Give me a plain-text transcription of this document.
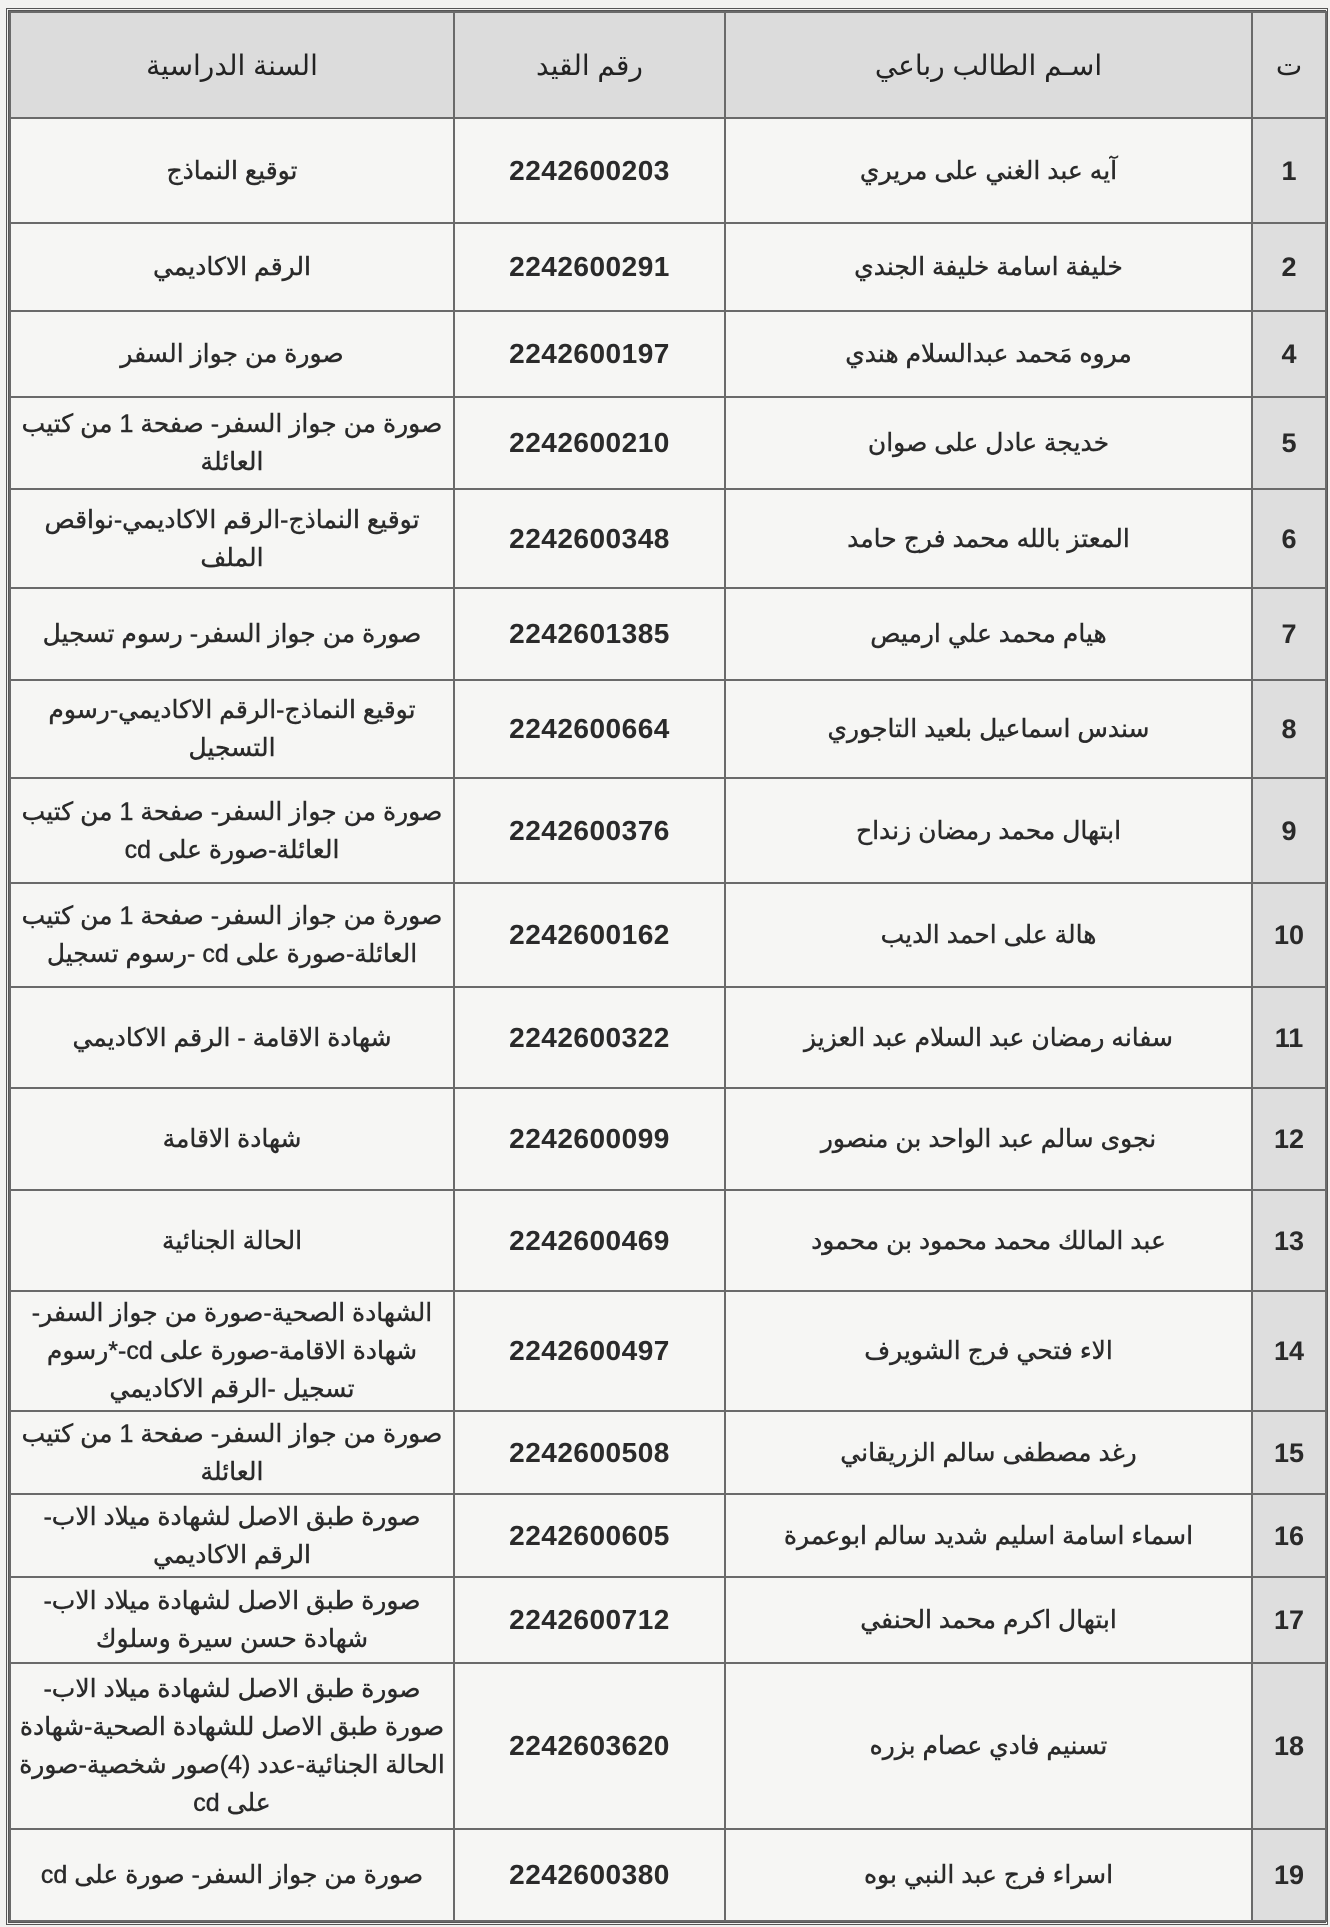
ت	اسـم الطالب رباعي	رقم القيد	السنة الدراسية
1	آيه عبد الغني على مريري	2242600203	توقيع النماذج
2	خليفة اسامة خليفة الجندي	2242600291	الرقم الاكاديمي
4	مروه مَحمد عبدالسلام هندي	2242600197	صورة من جواز السفر
5	خديجة عادل على صوان	2242600210	صورة من جواز السفر- صفحة 1 من كتيب العائلة
6	المعتز بالله محمد فرج حامد	2242600348	توقيع النماذج-الرقم الاكاديمي-نواقص الملف
7	هيام محمد علي ارميص	2242601385	صورة من جواز السفر- رسوم تسجيل
8	سندس اسماعيل بلعيد التاجوري	2242600664	توقيع النماذج-الرقم الاكاديمي-رسوم التسجيل
9	ابتهال محمد رمضان زنداح	2242600376	صورة من جواز السفر- صفحة 1 من كتيب العائلة-صورة على cd
10	هالة على احمد الديب	2242600162	صورة من جواز السفر- صفحة 1 من كتيب العائلة-صورة على cd -رسوم تسجيل
11	سفانه رمضان عبد السلام عبد العزيز	2242600322	شهادة الاقامة - الرقم الاكاديمي
12	نجوى سالم عبد الواحد بن منصور	2242600099	شهادة الاقامة
13	عبد المالك محمد محمود بن محمود	2242600469	الحالة الجنائية
14	الاء فتحي فرج الشويرف	2242600497	الشهادة الصحية-صورة من جواز السفر-شهادة الاقامة-صورة على cd-*رسوم تسجيل -الرقم الاكاديمي
15	رغد مصطفى سالم الزريقاني	2242600508	صورة من جواز السفر- صفحة 1 من كتيب العائلة
16	اسماء اسامة اسليم شديد سالم ابوعمرة	2242600605	صورة طبق الاصل لشهادة ميلاد الاب-الرقم الاكاديمي
17	ابتهال اكرم محمد الحنفي	2242600712	صورة طبق الاصل لشهادة ميلاد الاب- شهادة حسن سيرة وسلوك
18	تسنيم فادي عصام بزره	2242603620	صورة طبق الاصل لشهادة ميلاد الاب- صورة طبق الاصل للشهادة الصحية-شهادة الحالة الجنائية-عدد (4)صور شخصية-صورة على cd
19	اسراء فرج عبد النبي بوه	2242600380	صورة من جواز السفر- صورة على cd
